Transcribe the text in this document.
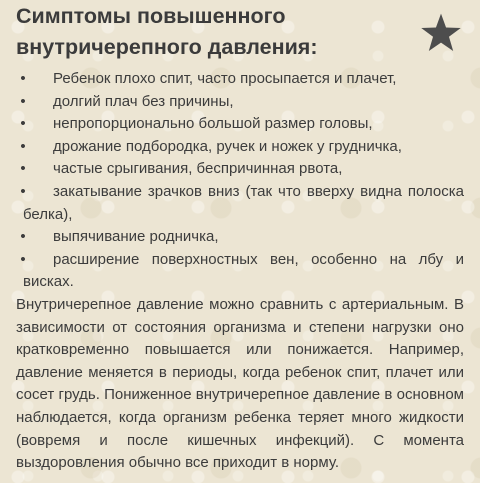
Симптомы повышенного внутричерепного давления:
• Ребенок плохо спит, часто просыпается и плачет,
• долгий плач без причины,
• непропорционально большой размер головы,
• дрожание подбородка, ручек и ножек у грудничка,
• частые срыгивания, беспричинная рвота,
• закатывание зрачков вниз (так что вверху видна полоска белка),
• выпячивание родничка,
• расширение поверхностных вен, особенно на лбу и висках.

Внутричерепное давление можно сравнить с артериальным. В зависимости от состояния организма и степени нагрузки оно кратковременно повышается или понижается. Например, давление меняется в периоды, когда ребенок спит, плачет или сосет грудь. Пониженное внутричерепное давление в основном наблюдается, когда организм ребенка теряет много жидкости (вовремя и после кишечных инфекций). С момента выздоровления обычно все приходит в норму.
